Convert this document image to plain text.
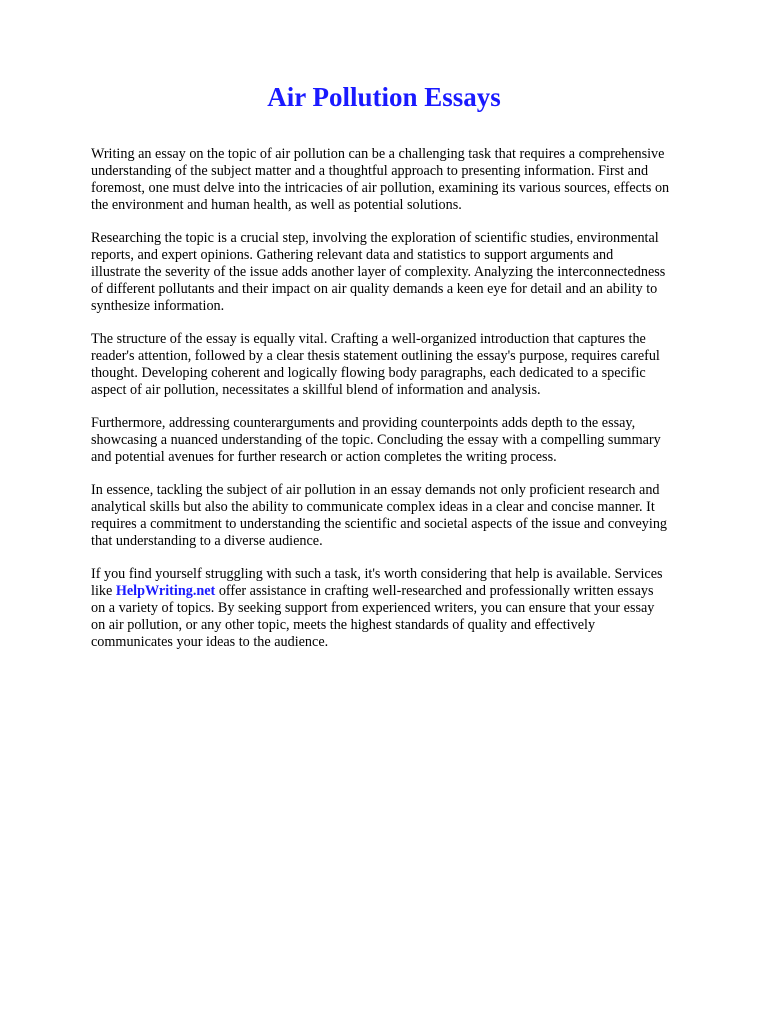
Air Pollution Essays

Writing an essay on the topic of air pollution can be a challenging task that requires a comprehensive
understanding of the subject matter and a thoughtful approach to presenting information. First and
foremost, one must delve into the intricacies of air pollution, examining its various sources, effects on
the environment and human health, as well as potential solutions.

Researching the topic is a crucial step, involving the exploration of scientific studies, environmental
reports, and expert opinions. Gathering relevant data and statistics to support arguments and
illustrate the severity of the issue adds another layer of complexity. Analyzing the interconnectedness
of different pollutants and their impact on air quality demands a keen eye for detail and an ability to
synthesize information.

The structure of the essay is equally vital. Crafting a well-organized introduction that captures the
reader's attention, followed by a clear thesis statement outlining the essay's purpose, requires careful
thought. Developing coherent and logically flowing body paragraphs, each dedicated to a specific
aspect of air pollution, necessitates a skillful blend of information and analysis.

Furthermore, addressing counterarguments and providing counterpoints adds depth to the essay,
showcasing a nuanced understanding of the topic. Concluding the essay with a compelling summary
and potential avenues for further research or action completes the writing process.

In essence, tackling the subject of air pollution in an essay demands not only proficient research and
analytical skills but also the ability to communicate complex ideas in a clear and concise manner. It
requires a commitment to understanding the scientific and societal aspects of the issue and conveying
that understanding to a diverse audience.

If you find yourself struggling with such a task, it's worth considering that help is available. Services
like HelpWriting.net offer assistance in crafting well-researched and professionally written essays
on a variety of topics. By seeking support from experienced writers, you can ensure that your essay
on air pollution, or any other topic, meets the highest standards of quality and effectively
communicates your ideas to the audience.
